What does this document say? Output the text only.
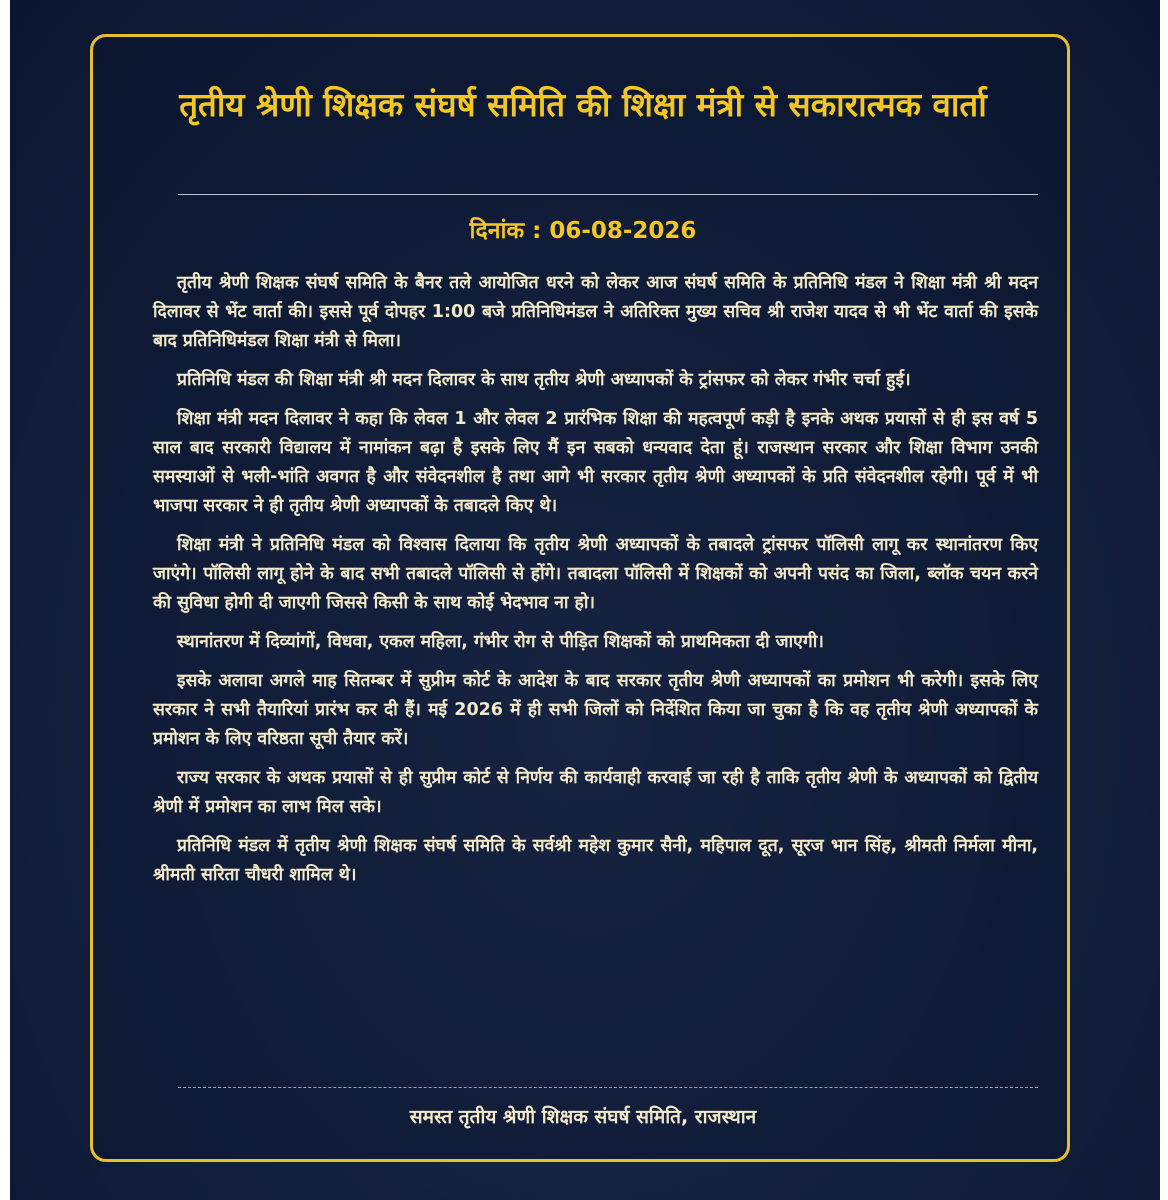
तृतीय श्रेणी शिक्षक संघर्ष समिति की शिक्षा मंत्री से सकारात्मक वार्ता

दिनांक : 06-08-2026

तृतीय श्रेणी शिक्षक संघर्ष समिति के बैनर तले आयोजित धरने को लेकर आज संघर्ष समिति के प्रतिनिधि मंडल ने शिक्षा मंत्री श्री मदन दिलावर से भेंट वार्ता की। इससे पूर्व दोपहर 1:00 बजे प्रतिनिधिमंडल ने अतिरिक्त मुख्य सचिव श्री राजेश यादव से भी भेंट वार्ता की इसके बाद प्रतिनिधिमंडल शिक्षा मंत्री से मिला।

प्रतिनिधि मंडल की शिक्षा मंत्री श्री मदन दिलावर के साथ तृतीय श्रेणी अध्यापकों के ट्रांसफर को लेकर गंभीर चर्चा हुई।

शिक्षा मंत्री मदन दिलावर ने कहा कि लेवल 1 और लेवल 2 प्रारंभिक शिक्षा की महत्वपूर्ण कड़ी है इनके अथक प्रयासों से ही इस वर्ष 5 साल बाद सरकारी विद्यालय में नामांकन बढ़ा है इसके लिए मैं इन सबको धन्यवाद देता हूं। राजस्थान सरकार और शिक्षा विभाग उनकी समस्याओं से भली-भांति अवगत है और संवेदनशील है तथा आगे भी सरकार तृतीय श्रेणी अध्यापकों के प्रति संवेदनशील रहेगी। पूर्व में भी भाजपा सरकार ने ही तृतीय श्रेणी अध्यापकों के तबादले किए थे।

शिक्षा मंत्री ने प्रतिनिधि मंडल को विश्वास दिलाया कि तृतीय श्रेणी अध्यापकों के तबादले ट्रांसफर पॉलिसी लागू कर स्थानांतरण किए जाएंगे। पॉलिसी लागू होने के बाद सभी तबादले पॉलिसी से होंगे। तबादला पॉलिसी में शिक्षकों को अपनी पसंद का जिला, ब्लॉक चयन करने की सुविधा होगी दी जाएगी जिससे किसी के साथ कोई भेदभाव ना हो।

स्थानांतरण में दिव्यांगों, विधवा, एकल महिला, गंभीर रोग से पीड़ित शिक्षकों को प्राथमिकता दी जाएगी।

इसके अलावा अगले माह सितम्बर में सुप्रीम कोर्ट के आदेश के बाद सरकार तृतीय श्रेणी अध्यापकों का प्रमोशन भी करेगी। इसके लिए सरकार ने सभी तैयारियां प्रारंभ कर दी हैं। मई 2026 में ही सभी जिलों को निर्देशित किया जा चुका है कि वह तृतीय श्रेणी अध्यापकों के प्रमोशन के लिए वरिष्ठता सूची तैयार करें।

राज्य सरकार के अथक प्रयासों से ही सुप्रीम कोर्ट से निर्णय की कार्यवाही करवाई जा रही है ताकि तृतीय श्रेणी के अध्यापकों को द्वितीय श्रेणी में प्रमोशन का लाभ मिल सके।

प्रतिनिधि मंडल में तृतीय श्रेणी शिक्षक संघर्ष समिति के सर्वश्री महेश कुमार सैनी, महिपाल दूत, सूरज भान सिंह, श्रीमती निर्मला मीना, श्रीमती सरिता चौधरी शामिल थे।

समस्त तृतीय श्रेणी शिक्षक संघर्ष समिति, राजस्थान
